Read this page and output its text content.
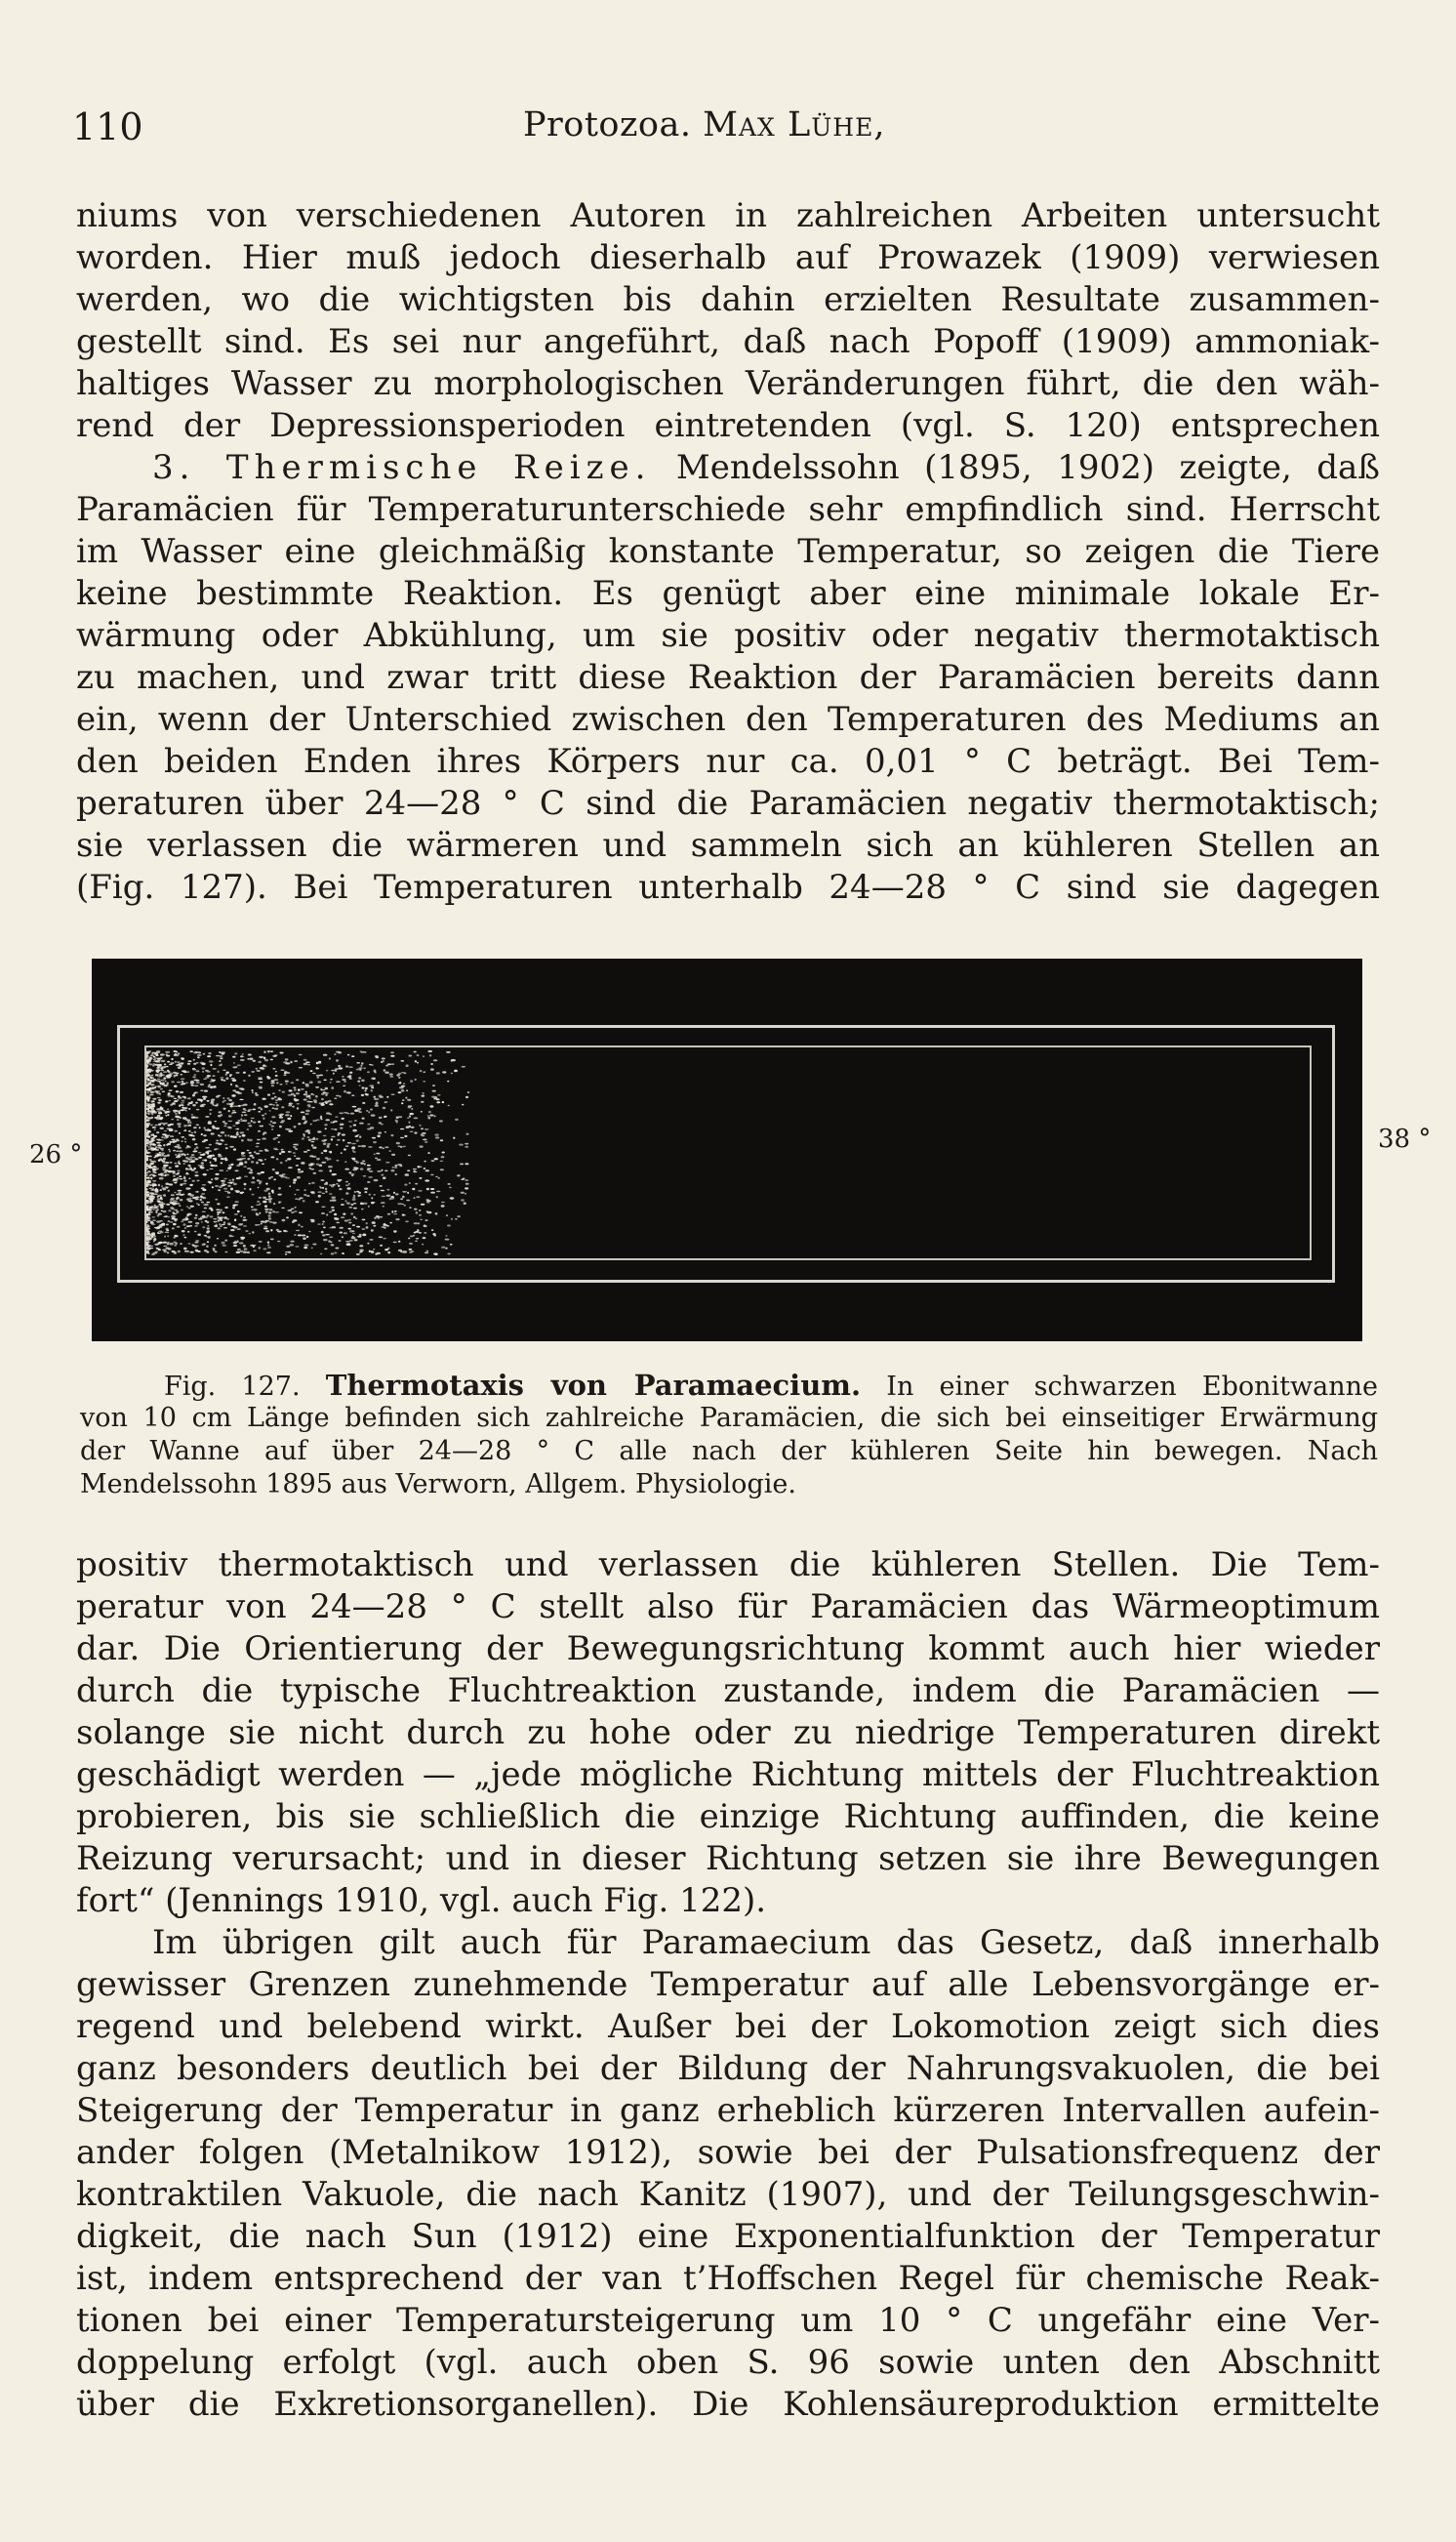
110	Protozoa. Max Lühe,
niums von verschiedenen Autoren in zahlreichen Arbeiten untersucht
worden. Hier muß jedoch dieserhalb auf Prowazek (1909) verwiesen
werden, wo die wichtigsten bis dahin erzielten Resultate zusammen-
gestellt sind. Es sei nur angeführt, daß nach Popoff (1909) ammoniak-
haltiges Wasser zu morphologischen Veränderungen führt, die den wäh-
rend der Depressionsperioden eintretenden (vgl. S. 120) entsprechen
3. Thermische Reize. Mendelssohn (1895, 1902) zeigte, daß
Paramäcien für Temperaturunterschiede sehr empfindlich sind. Herrscht
im Wasser eine gleichmäßig konstante Temperatur, so zeigen die Tiere
keine bestimmte Reaktion. Es genügt aber eine minimale lokale Er-
wärmung oder Abkühlung, um sie positiv oder negativ thermotaktisch
zu machen, und zwar tritt diese Reaktion der Paramäcien bereits dann
ein, wenn der Unterschied zwischen den Temperaturen des Mediums an
den beiden Enden ihres Körpers nur ca. 0,01 ° C beträgt. Bei Tem-
peraturen über 24—28 ° C sind die Paramäcien negativ thermotaktisch;
sie verlassen die wärmeren und sammeln sich an kühleren Stellen an
(Fig. 127). Bei Temperaturen unterhalb 24—28 ° C sind sie dagegen
26 °
38 °
Fig. 127. Thermotaxis von Paramaecium. In einer schwarzen Ebonitwanne
von 10 cm Länge befinden sich zahlreiche Paramäcien, die sich bei einseitiger Erwärmung
der Wanne auf über 24—28 ° C alle nach der kühleren Seite hin bewegen. Nach
Mendelssohn 1895 aus Verworn, Allgem. Physiologie.
positiv thermotaktisch und verlassen die kühleren Stellen. Die Tem-
peratur von 24—28 ° C stellt also für Paramäcien das Wärmeoptimum
dar. Die Orientierung der Bewegungsrichtung kommt auch hier wieder
durch die typische Fluchtreaktion zustande, indem die Paramäcien —
solange sie nicht durch zu hohe oder zu niedrige Temperaturen direkt
geschädigt werden — „jede mögliche Richtung mittels der Fluchtreaktion
probieren, bis sie schließlich die einzige Richtung auffinden, die keine
Reizung verursacht; und in dieser Richtung setzen sie ihre Bewegungen
fort“ (Jennings 1910, vgl. auch Fig. 122).
Im übrigen gilt auch für Paramaecium das Gesetz, daß innerhalb
gewisser Grenzen zunehmende Temperatur auf alle Lebensvorgänge er-
regend und belebend wirkt. Außer bei der Lokomotion zeigt sich dies
ganz besonders deutlich bei der Bildung der Nahrungsvakuolen, die bei
Steigerung der Temperatur in ganz erheblich kürzeren Intervallen aufein-
ander folgen (Metalnikow 1912), sowie bei der Pulsationsfrequenz der
kontraktilen Vakuole, die nach Kanitz (1907), und der Teilungsgeschwin-
digkeit, die nach Sun (1912) eine Exponentialfunktion der Temperatur
ist, indem entsprechend der van t’Hoffschen Regel für chemische Reak-
tionen bei einer Temperatursteigerung um 10 ° C ungefähr eine Ver-
doppelung erfolgt (vgl. auch oben S. 96 sowie unten den Abschnitt
über die Exkretionsorganellen). Die Kohlensäureproduktion ermittelte
